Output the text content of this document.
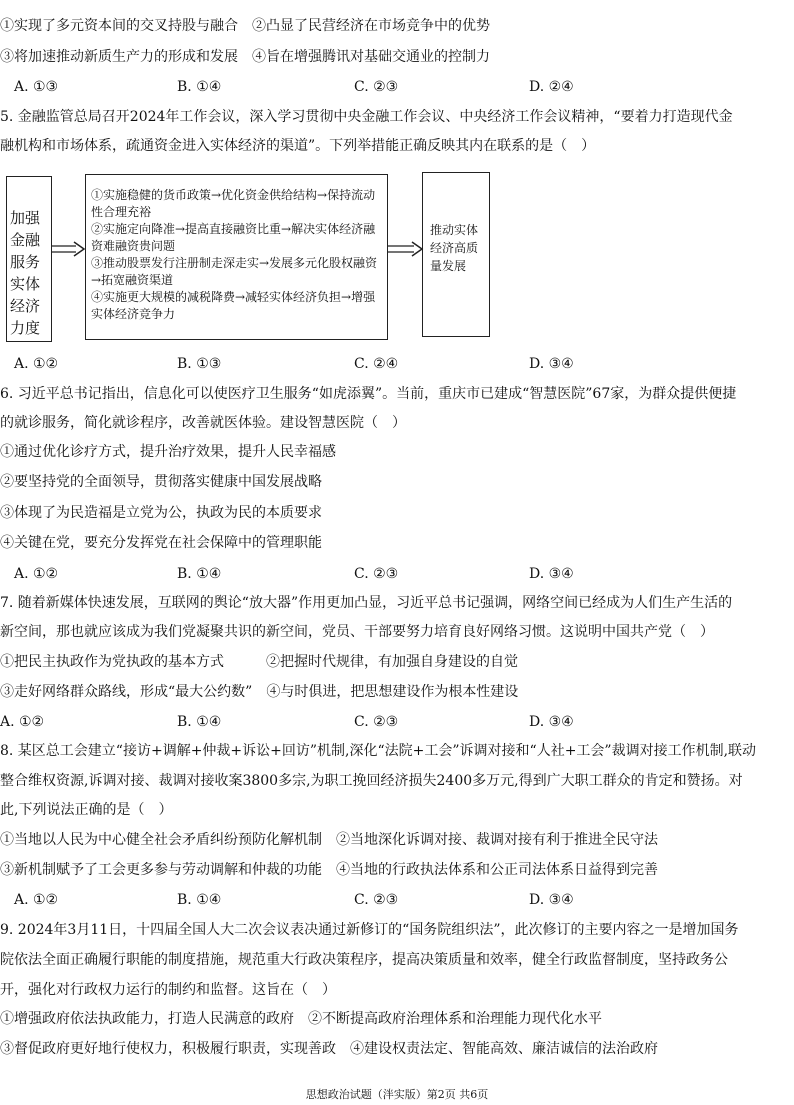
①实现了多元资本间的交叉持股与融合　②凸显了民营经济在市场竞争中的优势
③将加速推动新质生产力的形成和发展　④旨在增强腾讯对基础交通业的控制力
A. ①③	B. ①④	C. ②③	D. ②④
5. 金融监管总局召开2024年工作会议，深入学习贯彻中央金融工作会议、中央经济工作会议精神，“要着力打造现代金
融机构和市场体系，疏通资金进入实体经济的渠道”。下列举措能正确反映其内在联系的是（　）
加强金融服务实体经济力度
①实施稳健的货币政策→优化资金供给结构→保持流动性合理充裕
②实施定向降准→提高直接融资比重→解决实体经济融资难融资贵问题
③推动股票发行注册制走深走实→发展多元化股权融资→拓宽融资渠道
④实施更大规模的减税降费→减轻实体经济负担→增强实体经济竞争力
推动实体经济高质量发展
A. ①②	B. ①③	C. ②④	D. ③④
6. 习近平总书记指出，信息化可以使医疗卫生服务“如虎添翼”。当前，重庆市已建成“智慧医院”67家，为群众提供便捷
的就诊服务，简化就诊程序，改善就医体验。建设智慧医院（　）
①通过优化诊疗方式，提升治疗效果，提升人民幸福感
②要坚持党的全面领导，贯彻落实健康中国发展战略
③体现了为民造福是立党为公，执政为民的本质要求
④关键在党，要充分发挥党在社会保障中的管理职能
A. ①②	B. ①④	C. ②③	D. ③④
7. 随着新媒体快速发展，互联网的舆论“放大器”作用更加凸显，习近平总书记强调，网络空间已经成为人们生产生活的
新空间，那也就应该成为我们党凝聚共识的新空间，党员、干部要努力培育良好网络习惯。这说明中国共产党（　）
①把民主执政作为党执政的基本方式　　　②把握时代规律，有加强自身建设的自觉
③走好网络群众路线，形成“最大公约数”　④与时俱进，把思想建设作为根本性建设
A. ①②	B. ①④	C. ②③	D. ③④
8. 某区总工会建立“接访+调解+仲裁+诉讼+回访”机制,深化“法院+工会”诉调对接和“人社+工会”裁调对接工作机制,联动
整合维权资源,诉调对接、裁调对接收案3800多宗,为职工挽回经济损失2400多万元,得到广大职工群众的肯定和赞扬。对
此,下列说法正确的是（　）
①当地以人民为中心健全社会矛盾纠纷预防化解机制　②当地深化诉调对接、裁调对接有利于推进全民守法
③新机制赋予了工会更多参与劳动调解和仲裁的功能　④当地的行政执法体系和公正司法体系日益得到完善
A. ①②	B. ①④	C. ②③	D. ③④
9. 2024年3月11日，十四届全国人大二次会议表决通过新修订的“国务院组织法”，此次修订的主要内容之一是增加国务
院依法全面正确履行职能的制度措施，规范重大行政决策程序，提高决策质量和效率，健全行政监督制度，坚持政务公
开，强化对行政权力运行的制约和监督。这旨在（　）
①增强政府依法执政能力，打造人民满意的政府　②不断提高政府治理体系和治理能力现代化水平
③督促政府更好地行使权力，积极履行职责，实现善政　④建设权责法定、智能高效、廉洁诚信的法治政府
思想政治试题（泮实版）第2页 共6页
